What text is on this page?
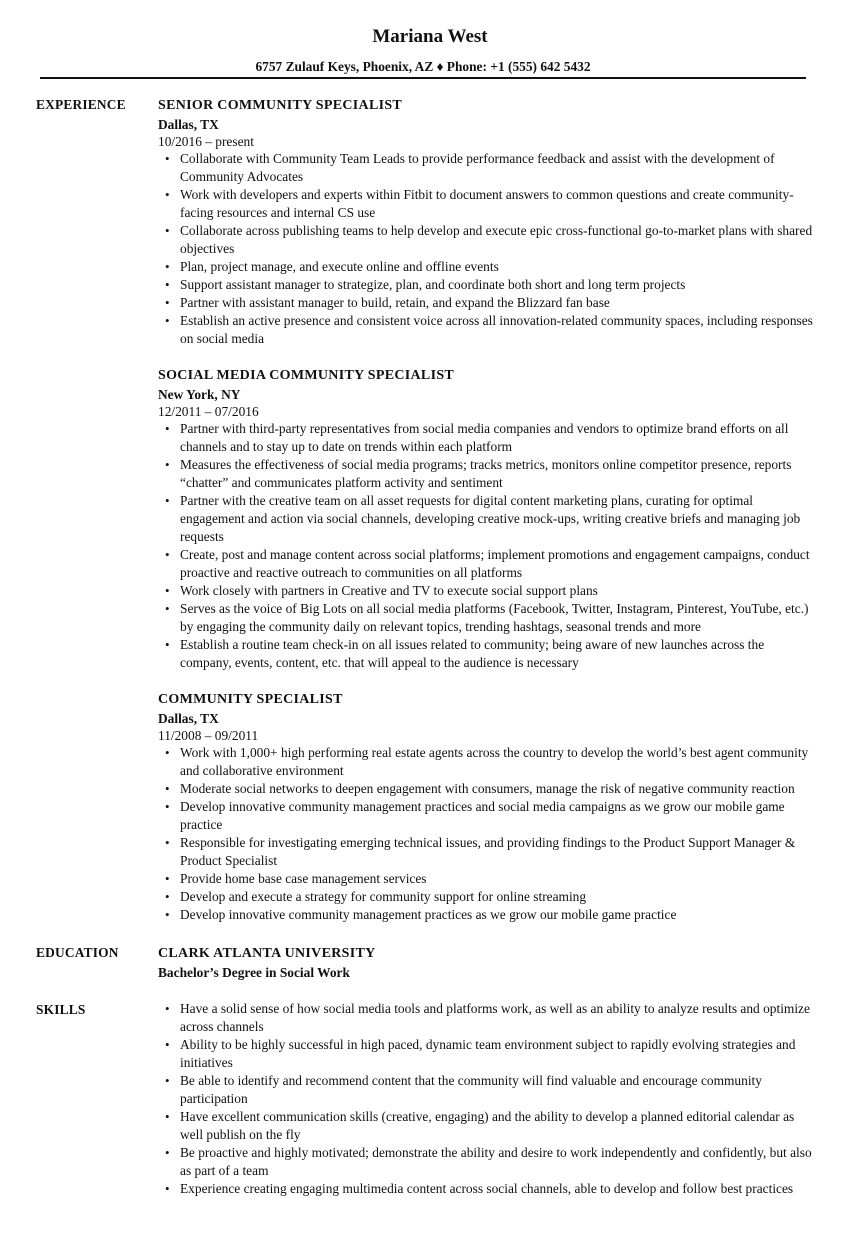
Mariana West
6757 Zulauf Keys, Phoenix, AZ ♦ Phone: +1 (555) 642 5432
EXPERIENCE	SENIOR COMMUNITY SPECIALIST
Dallas, TX
10/2016 – present
• Collaborate with Community Team Leads to provide performance feedback and assist with the development of Community Advocates
• Work with developers and experts within Fitbit to document answers to common questions and create community-facing resources and internal CS use
• Collaborate across publishing teams to help develop and execute epic cross-functional go-to-market plans with shared objectives
• Plan, project manage, and execute online and offline events
• Support assistant manager to strategize, plan, and coordinate both short and long term projects
• Partner with assistant manager to build, retain, and expand the Blizzard fan base
• Establish an active presence and consistent voice across all innovation-related community spaces, including responses on social media
SOCIAL MEDIA COMMUNITY SPECIALIST
New York, NY
12/2011 – 07/2016
• Partner with third-party representatives from social media companies and vendors to optimize brand efforts on all channels and to stay up to date on trends within each platform
• Measures the effectiveness of social media programs; tracks metrics, monitors online competitor presence, reports “chatter” and communicates platform activity and sentiment
• Partner with the creative team on all asset requests for digital content marketing plans, curating for optimal engagement and action via social channels, developing creative mock-ups, writing creative briefs and managing job requests
• Create, post and manage content across social platforms; implement promotions and engagement campaigns, conduct proactive and reactive outreach to communities on all platforms
• Work closely with partners in Creative and TV to execute social support plans
• Serves as the voice of Big Lots on all social media platforms (Facebook, Twitter, Instagram, Pinterest, YouTube, etc.) by engaging the community daily on relevant topics, trending hashtags, seasonal trends and more
• Establish a routine team check-in on all issues related to community; being aware of new launches across the company, events, content, etc. that will appeal to the audience is necessary
COMMUNITY SPECIALIST
Dallas, TX
11/2008 – 09/2011
• Work with 1,000+ high performing real estate agents across the country to develop the world’s best agent community and collaborative environment
• Moderate social networks to deepen engagement with consumers, manage the risk of negative community reaction
• Develop innovative community management practices and social media campaigns as we grow our mobile game practice
• Responsible for investigating emerging technical issues, and providing findings to the Product Support Manager & Product Specialist
• Provide home base case management services
• Develop and execute a strategy for community support for online streaming
• Develop innovative community management practices as we grow our mobile game practice
EDUCATION	CLARK ATLANTA UNIVERSITY
Bachelor’s Degree in Social Work
SKILLS	• Have a solid sense of how social media tools and platforms work, as well as an ability to analyze results and optimize across channels
• Ability to be highly successful in high paced, dynamic team environment subject to rapidly evolving strategies and initiatives
• Be able to identify and recommend content that the community will find valuable and encourage community participation
• Have excellent communication skills (creative, engaging) and the ability to develop a planned editorial calendar as well publish on the fly
• Be proactive and highly motivated; demonstrate the ability and desire to work independently and confidently, but also as part of a team
• Experience creating engaging multimedia content across social channels, able to develop and follow best practices
